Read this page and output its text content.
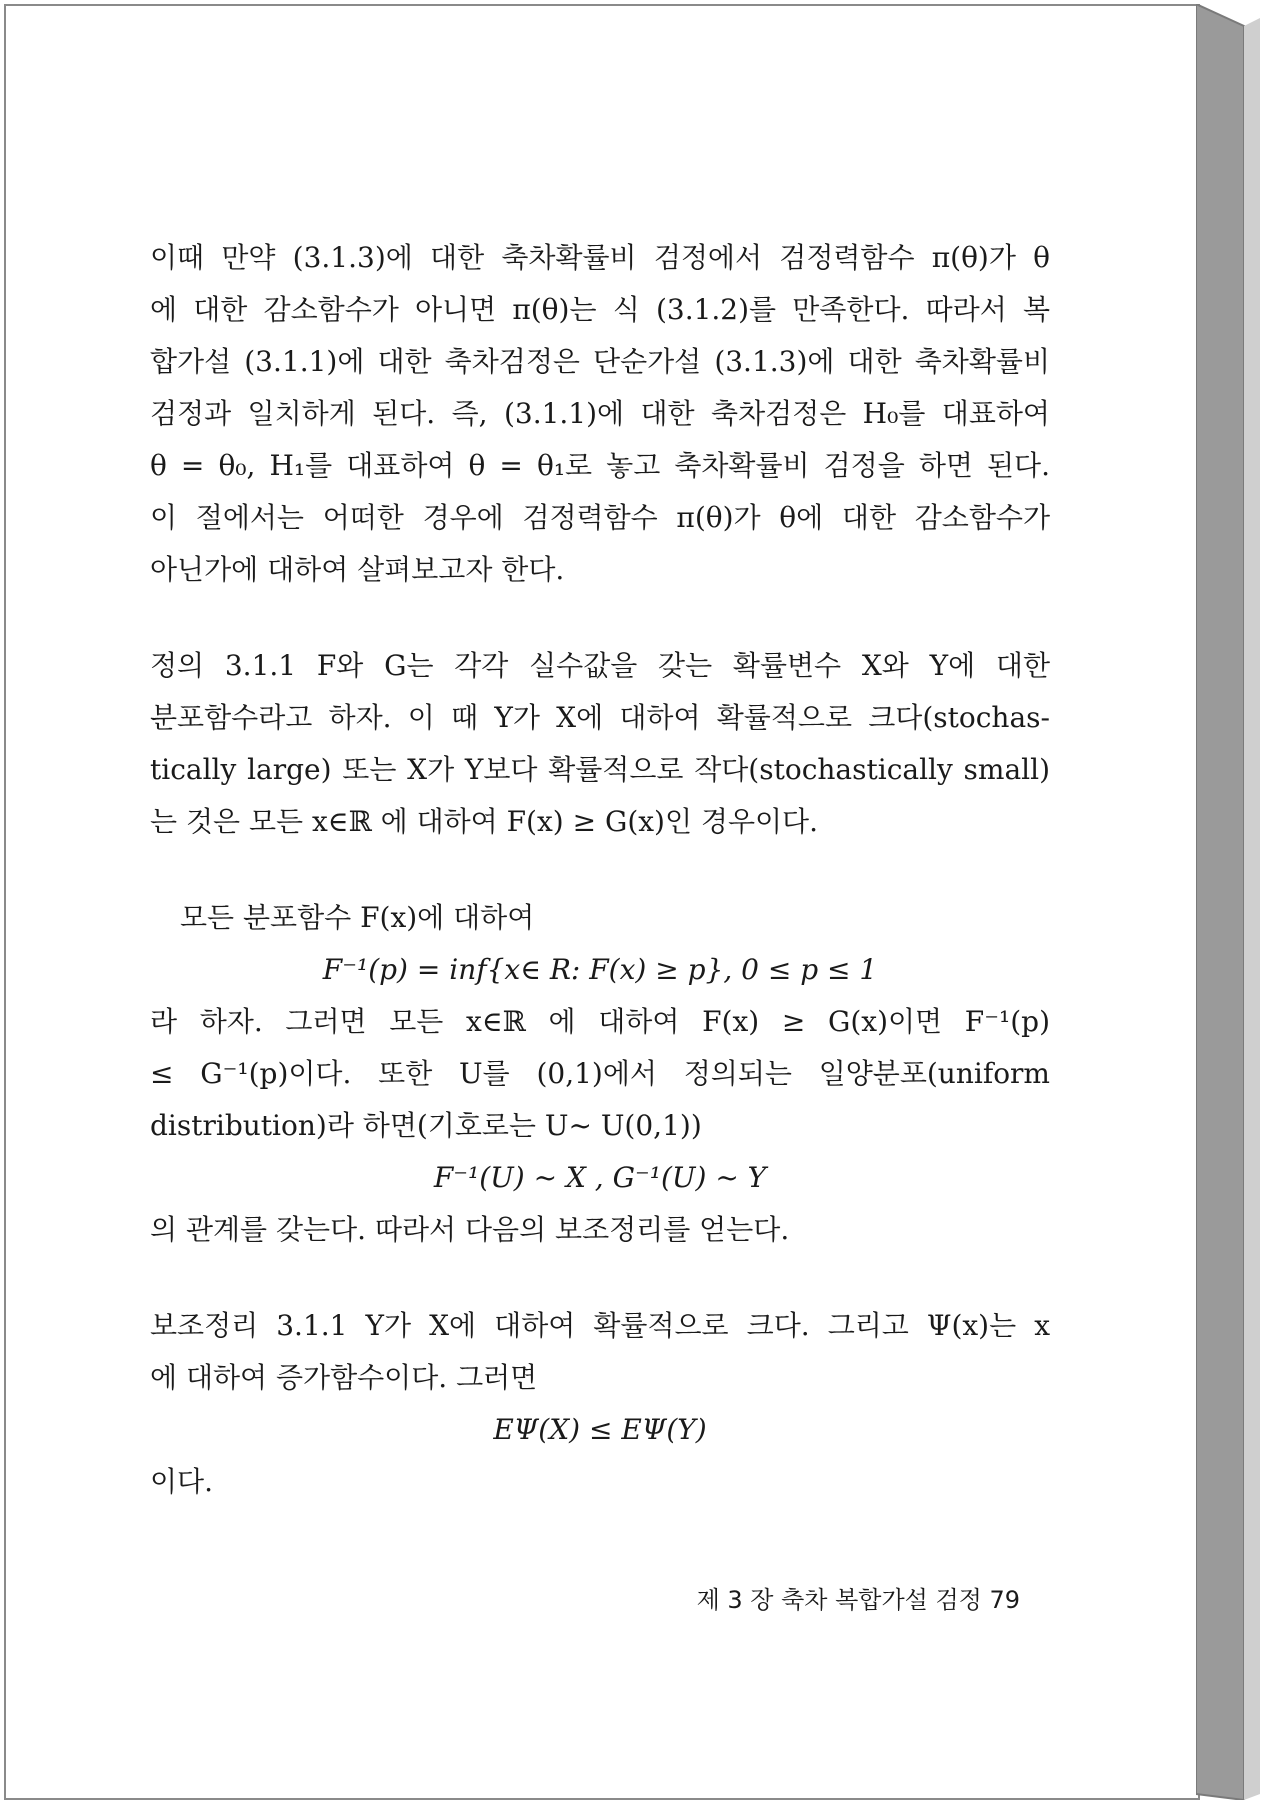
이때 만약 (3.1.3)에 대한 축차확률비 검정에서 검정력함수 π(θ)가 θ
에 대한 감소함수가 아니면 π(θ)는 식 (3.1.2)를 만족한다. 따라서 복
합가설 (3.1.1)에 대한 축차검정은 단순가설 (3.1.3)에 대한 축차확률비
검정과 일치하게 된다. 즉, (3.1.1)에 대한 축차검정은 H₀를 대표하여
θ = θ₀, H₁를 대표하여 θ = θ₁로 놓고 축차확률비 검정을 하면 된다.
이 절에서는 어떠한 경우에 검정력함수 π(θ)가 θ에 대한 감소함수가
아닌가에 대하여 살펴보고자 한다.
정의 3.1.1 F와 G는 각각 실수값을 갖는 확률변수 X와 Y에 대한
분포함수라고 하자. 이 때 Y가 X에 대하여 확률적으로 크다(stochas-
tically large) 또는 X가 Y보다 확률적으로 작다(stochastically small)
는 것은 모든 x∈ℝ 에 대하여 F(x) ≥ G(x)인 경우이다.
모든 분포함수 F(x)에 대하여
F⁻¹(p) = inf{x∈ R: F(x) ≥ p}, 0 ≤ p ≤ 1
라 하자. 그러면 모든 x∈ℝ 에 대하여 F(x) ≥ G(x)이면 F⁻¹(p)
≤ G⁻¹(p)이다. 또한 U를 (0,1)에서 정의되는 일양분포(uniform
distribution)라 하면(기호로는 U~ U(0,1))
F⁻¹(U) ~ X , G⁻¹(U) ~ Y
의 관계를 갖는다. 따라서 다음의 보조정리를 얻는다.
보조정리 3.1.1 Y가 X에 대하여 확률적으로 크다. 그리고 Ψ(x)는 x
에 대하여 증가함수이다. 그러면
EΨ(X) ≤ EΨ(Y)
이다.
제 3 장 축차 복합가설 검정 79
